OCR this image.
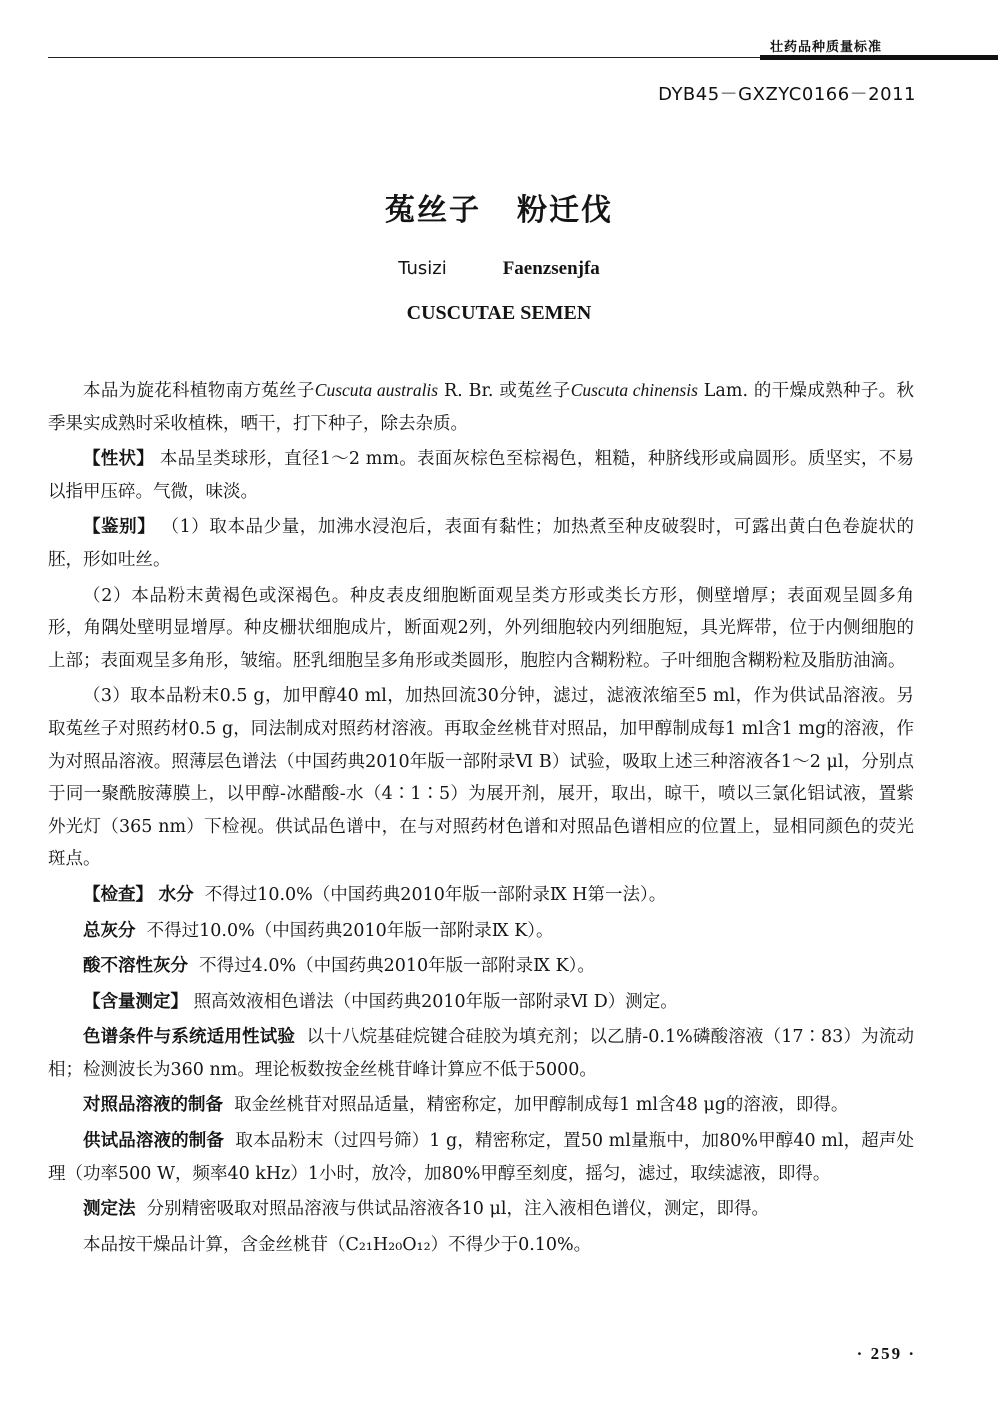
壮药品种质量标准
DYB45－GXZYC0166－2011
菟丝子 粉迁伐
Tusizi	Faenzsenjfa
CUSCUTAE SEMEN

本品为旋花科植物南方菟丝子Cuscuta australis R. Br. 或菟丝子Cuscuta chinensis Lam. 的干燥成熟种子。秋季果实成熟时采收植株，晒干，打下种子，除去杂质。

【性状】 本品呈类球形，直径1～2 mm。表面灰棕色至棕褐色，粗糙，种脐线形或扁圆形。质坚实，不易以指甲压碎。气微，味淡。

【鉴别】 （1）取本品少量，加沸水浸泡后，表面有黏性；加热煮至种皮破裂时，可露出黄白色卷旋状的胚，形如吐丝。

（2）本品粉末黄褐色或深褐色。种皮表皮细胞断面观呈类方形或类长方形，侧壁增厚；表面观呈圆多角形，角隅处壁明显增厚。种皮栅状细胞成片，断面观2列，外列细胞较内列细胞短，具光辉带，位于内侧细胞的上部；表面观呈多角形，皱缩。胚乳细胞呈多角形或类圆形，胞腔内含糊粉粒。子叶细胞含糊粉粒及脂肪油滴。

（3）取本品粉末0.5 g，加甲醇40 ml，加热回流30分钟，滤过，滤液浓缩至5 ml，作为供试品溶液。另取菟丝子对照药材0.5 g，同法制成对照药材溶液。再取金丝桃苷对照品，加甲醇制成每1 ml含1 mg的溶液，作为对照品溶液。照薄层色谱法（中国药典2010年版一部附录Ⅵ B）试验，吸取上述三种溶液各1～2 μl，分别点于同一聚酰胺薄膜上，以甲醇-冰醋酸-水（4∶1∶5）为展开剂，展开，取出，晾干，喷以三氯化铝试液，置紫外光灯（365 nm）下检视。供试品色谱中，在与对照药材色谱和对照品色谱相应的位置上，显相同颜色的荧光斑点。

【检查】 水分 不得过10.0%（中国药典2010年版一部附录Ⅸ H第一法）。

总灰分 不得过10.0%（中国药典2010年版一部附录Ⅸ K）。

酸不溶性灰分 不得过4.0%（中国药典2010年版一部附录Ⅸ K）。

【含量测定】 照高效液相色谱法（中国药典2010年版一部附录Ⅵ D）测定。

色谱条件与系统适用性试验 以十八烷基硅烷键合硅胶为填充剂；以乙腈-0.1%磷酸溶液（17∶83）为流动相；检测波长为360 nm。理论板数按金丝桃苷峰计算应不低于5000。

对照品溶液的制备 取金丝桃苷对照品适量，精密称定，加甲醇制成每1 ml含48 μg的溶液，即得。

供试品溶液的制备 取本品粉末（过四号筛）1 g，精密称定，置50 ml量瓶中，加80%甲醇40 ml，超声处理（功率500 W，频率40 kHz）1小时，放冷，加80%甲醇至刻度，摇匀，滤过，取续滤液，即得。

测定法 分别精密吸取对照品溶液与供试品溶液各10 μl，注入液相色谱仪，测定，即得。

本品按干燥品计算，含金丝桃苷（C₂₁H₂₀O₁₂）不得少于0.10%。

· 259 ·
